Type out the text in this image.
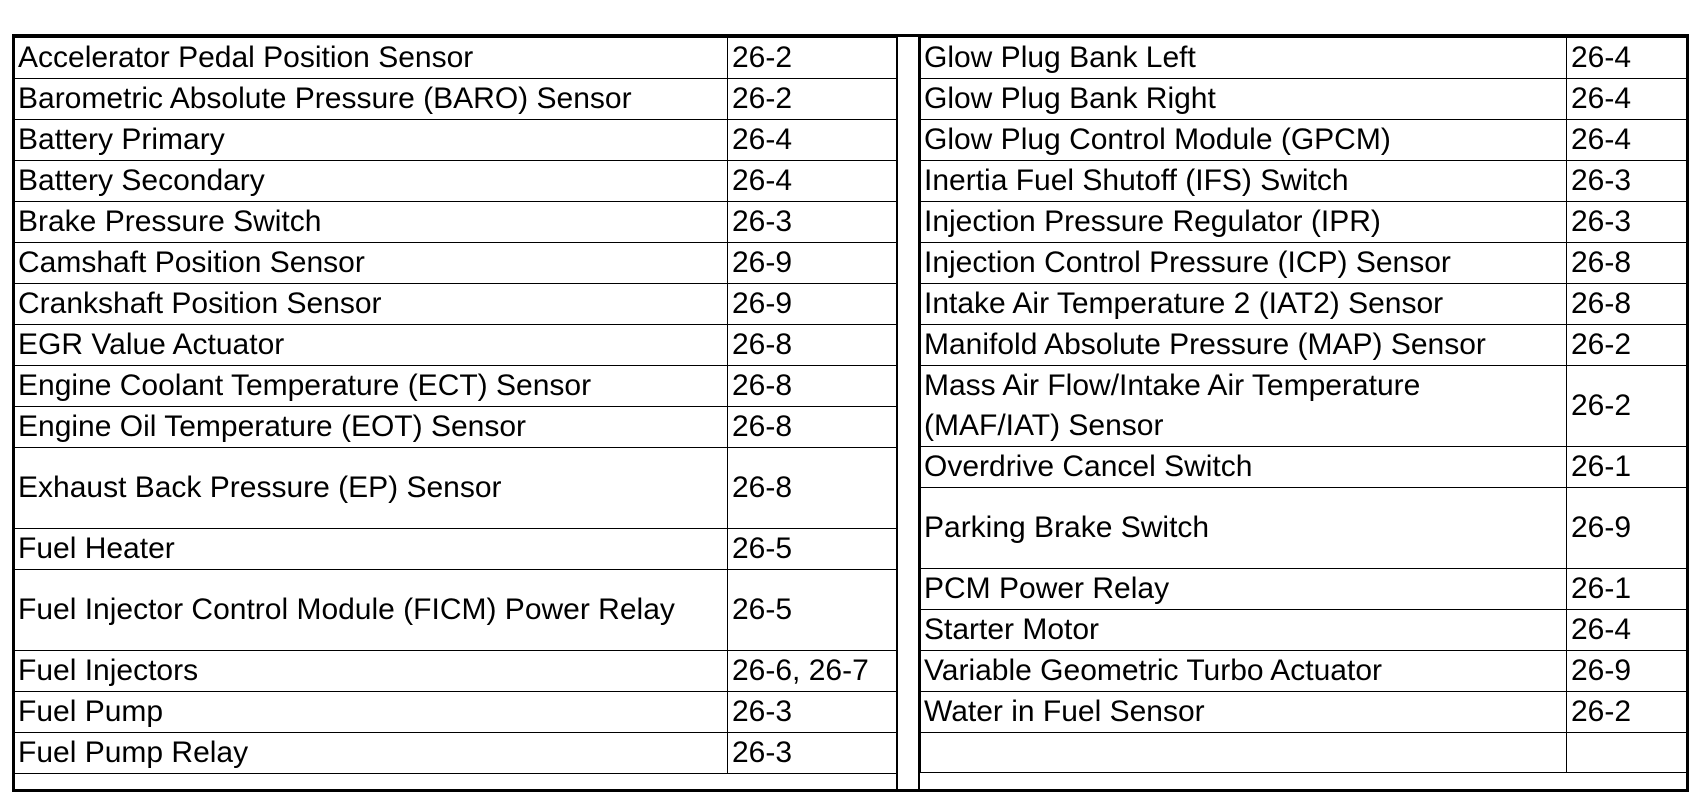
Accelerator Pedal Position Sensor	26-2
Barometric Absolute Pressure (BARO) Sensor	26-2
Battery Primary	26-4
Battery Secondary	26-4
Brake Pressure Switch	26-3
Camshaft Position Sensor	26-9
Crankshaft Position Sensor	26-9
EGR Value Actuator	26-8
Engine Coolant Temperature (ECT) Sensor	26-8
Engine Oil Temperature (EOT) Sensor	26-8
Exhaust Back Pressure (EP) Sensor	26-8
Fuel Heater	26-5
Fuel Injector Control Module (FICM) Power Relay	26-5
Fuel Injectors	26-6, 26-7
Fuel Pump	26-3
Fuel Pump Relay	26-3
Glow Plug Bank Left	26-4
Glow Plug Bank Right	26-4
Glow Plug Control Module (GPCM)	26-4
Inertia Fuel Shutoff (IFS) Switch	26-3
Injection Pressure Regulator (IPR)	26-3
Injection Control Pressure (ICP) Sensor	26-8
Intake Air Temperature 2 (IAT2) Sensor	26-8
Manifold Absolute Pressure (MAP) Sensor	26-2
Mass Air Flow/Intake Air Temperature (MAF/IAT) Sensor	26-2
Overdrive Cancel Switch	26-1
Parking Brake Switch	26-9
PCM Power Relay	26-1
Starter Motor	26-4
Variable Geometric Turbo Actuator	26-9
Water in Fuel Sensor	26-2
